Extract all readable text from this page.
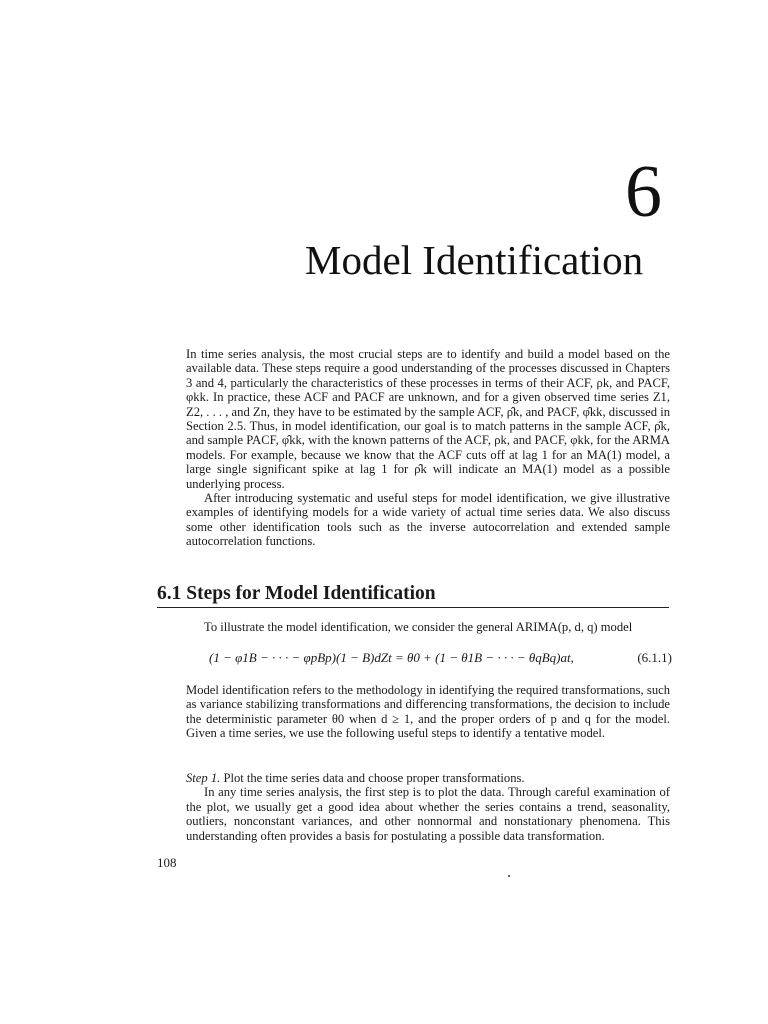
6
Model Identification

In time series analysis, the most crucial steps are to identify and build a model based on the available data. These steps require a good understanding of the processes discussed in Chapters 3 and 4, particularly the characteristics of these processes in terms of their ACF, ρk, and PACF, φkk. In practice, these ACF and PACF are unknown, and for a given observed time series Z1, Z2, . . . , and Zn, they have to be estimated by the sample ACF, ρ̂k, and PACF, φ̂kk, discussed in Section 2.5. Thus, in model identification, our goal is to match patterns in the sample ACF, ρ̂k, and sample PACF, φ̂kk, with the known patterns of the ACF, ρk, and PACF, φkk, for the ARMA models. For example, because we know that the ACF cuts off at lag 1 for an MA(1) model, a large single significant spike at lag 1 for ρ̂k will indicate an MA(1) model as a possible underlying process.

After introducing systematic and useful steps for model identification, we give illustrative examples of identifying models for a wide variety of actual time series data. We also discuss some other identification tools such as the inverse autocorrelation and extended sample autocorrelation functions.

6.1 Steps for Model Identification

To illustrate the model identification, we consider the general ARIMA(p, d, q) model

(1 − φ1B − · · · − φpBp)(1 − B)dZt = θ0 + (1 − θ1B − · · · − θqBq)at,	(6.1.1)

Model identification refers to the methodology in identifying the required transformations, such as variance stabilizing transformations and differencing transformations, the decision to include the deterministic parameter θ0 when d ≥ 1, and the proper orders of p and q for the model. Given a time series, we use the following useful steps to identify a tentative model.

Step 1. Plot the time series data and choose proper transformations.

In any time series analysis, the first step is to plot the data. Through careful examination of the plot, we usually get a good idea about whether the series contains a trend, seasonality, outliers, nonconstant variances, and other nonnormal and nonstationary phenomena. This understanding often provides a basis for postulating a possible data transformation.

108
